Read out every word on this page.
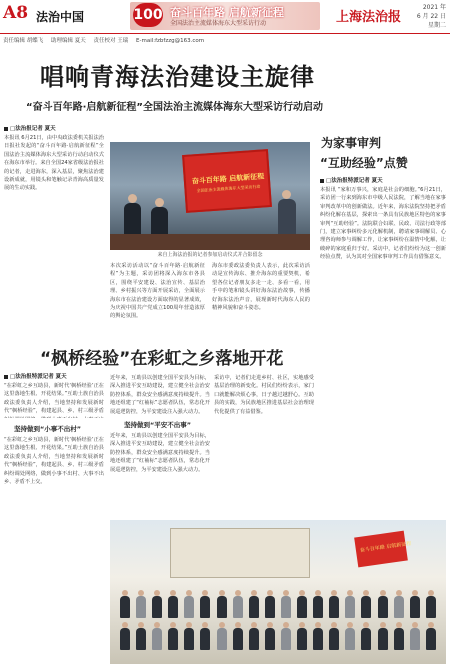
A8 法治中国	100 奋斗百年路 启航新征程
全国法治主流媒体海东大型采访行动	上海法治报
2021 年
6 月 22 日
星期二
责任编辑 胡蝶飞 助理编辑 夏天 责任校对 王瑞 E-mail:fzbfzzg@163.com
唱响青海法治建设主旋律
“奋斗百年路·启航新征程”全国法治主流媒体海东大型采访行动启动
□法治报记者 夏天
本报讯 6月21日，由中央政法委机关报法治日报社发起的“奋斗百年路·启航新征程”全国法治主流媒体海东大型采访行动启动仪式在海东市举行。来自全国24家省级法治报社的记者，走进海东，深入基层，聚焦法治建设新成就，用镜头和笔触记录青海高质量发展的生动实践。
奋斗百年路 启航新征程
全国法治主流媒体海东大型采访行动
来自上海法治报的记者参加启动仪式并合影留念
本次采访活动以“奋斗百年路·启航新征程”为主题，采访团将深入海东市各县区，围绕平安建设、法治宣传、基层治理、乡村振兴等方面开展采访，全面展示海东市在法治建设方面取得的显著成效，为庆祝中国共产党成立100周年营造浓厚的舆论氛围。
海东市委政法委负责人表示，此次采访活动是宣传海东、推介海东的重要契机，希望各位记者朋友多走一走、多看一看，用手中的笔和镜头讲好海东法治故事，传播好海东法治声音，展现新时代海东人民的精神风貌和奋斗姿态。
为家事审判
“互助经验”点赞
□法治报特派记者 夏天
本报讯 “家和万事兴，家庭是社会的细胞。”6月21日，采访团一行来到海东市中级人民法院，了解当地在家事审判改革中的创新做法。近年来，海东法院坚持把矛盾纠纷化解在基层，探索出一条具有民族地区特色的家事审判“互助经验”。法院联合妇联、民政、司法行政等部门，建立家事纠纷多元化解机制，聘请家事调解员、心理咨询师参与调解工作，让家事纠纷在温情中化解，让破碎的家庭重归于好。采访中，记者们纷纷为这一创新经验点赞，认为其对全国家事审判工作具有借鉴意义。
“枫桥经验”在彩虹之乡落地开花
□法治报特派记者 夏天
“在彩虹之乡互助县，新时代‘枫桥经验’正在这里落地生根、开花结果。”互助土族自治县政法委负责人介绍，当地坚持和发展新时代“枫桥经验”，构建起县、乡、村三级矛盾
坚持做到“小事不出村”
“在彩虹之乡互助县，新时代‘枫桥经验’正在这里落地生根、开花结果。”互助土族自治县政法委负责人介绍，当地坚持和发展新时代“枫桥经验”，构建起县、乡、村三级矛盾纠纷调处网络，做到小事不出村、大事不出乡、矛盾不上交。
近年来，互助县以创建全国平安县为目标，深入推进平安互助建设，建立健全社会治安防控体系，群众安全感满意度持续提升。当地还组建了“红袖标”志愿者队伍，常态化开展巡逻防控，为平安建设注入强大动力。
坚持做到“平安不出事”
近年来，互助县以创建全国平安县为目标，深入推进平安互助建设，建立健全社会治安防控体系，群众安全感满意度持续提升。当地还组建了“红袖标”志愿者队伍，常态化开展巡逻防控，为平安建设注入强大动力。
采访中，记者们走进乡村、社区，实地感受基层治理的新变化。村民们纷纷表示，家门口就能解决烦心事，日子越过越舒心。互助县的实践，为民族地区推进基层社会治理现代化提供了有益借鉴。
奋斗百年路 启航新征程
